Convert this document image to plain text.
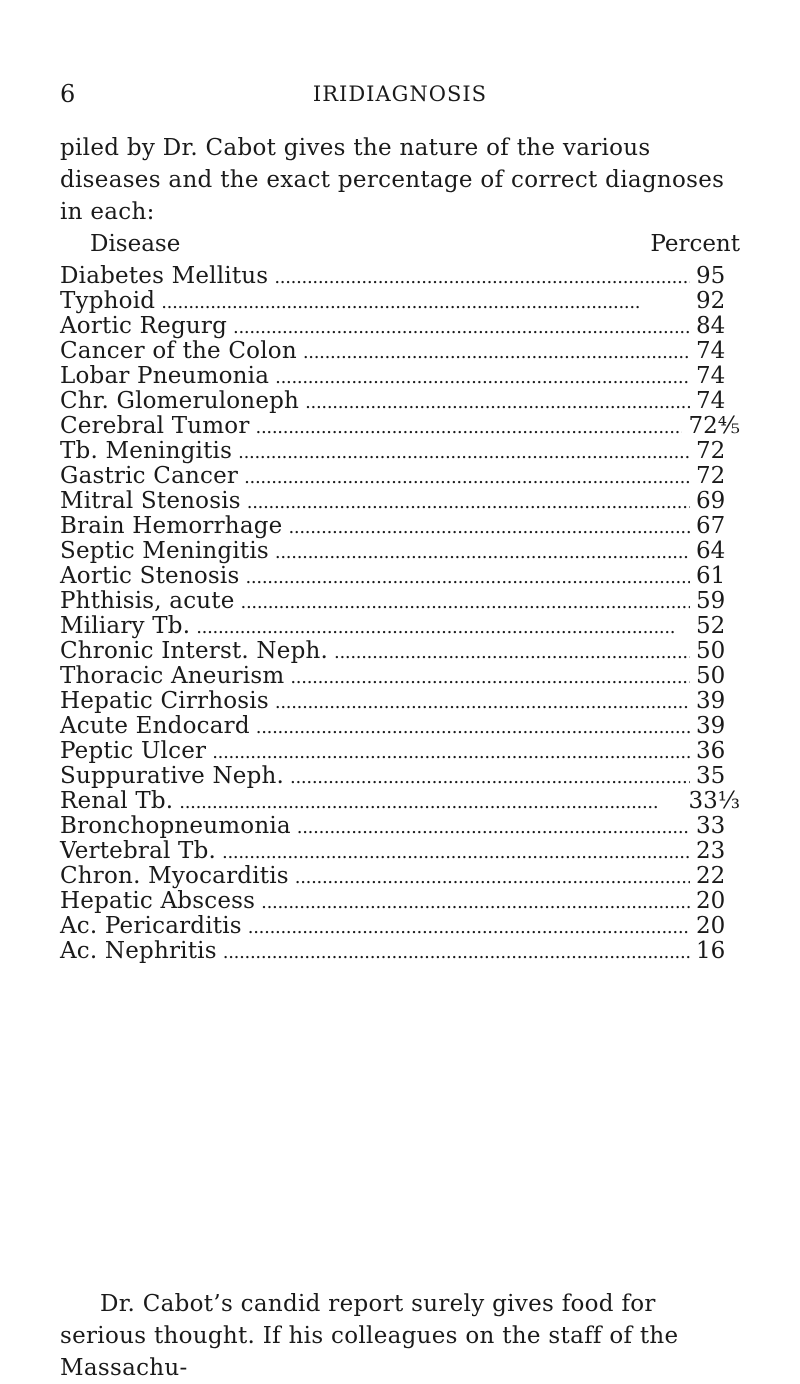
6	IRIDIAGNOSIS

piled by Dr. Cabot gives the nature of the various diseases and the exact percentage of correct diagnoses in each:

Disease	Percent
Diabetes Mellitus . . .	95
Typhoid . . .	92
Aortic Regurg . . .	84
Cancer of the Colon . . .	74
Lobar Pneumonia . . .	74
Chr. Glomeruloneph . . .	74
Cerebral Tumor . . .	72⅘
Tb. Meningitis . . .	72
Gastric Cancer . . .	72
Mitral Stenosis . . .	69
Brain Hemorrhage . . .	67
Septic Meningitis . . .	64
Aortic Stenosis . . .	61
Phthisis, acute . . .	59
Miliary Tb. . . .	52
Chronic Interst. Neph. . . .	50
Thoracic Aneurism . . .	50
Hepatic Cirrhosis . . .	39
Acute Endocard . . .	39
Peptic Ulcer . . .	36
Suppurative Neph. . . .	35
Renal Tb. . . .	33⅓
Bronchopneumonia . . .	33
Vertebral Tb. . . .	23
Chron. Myocarditis . . .	22
Hepatic Abscess . . .	20
Ac. Pericarditis . . .	20
Ac. Nephritis . . .	16

Dr. Cabot’s candid report surely gives food for serious thought. If his colleagues on the staff of the Massachu-
